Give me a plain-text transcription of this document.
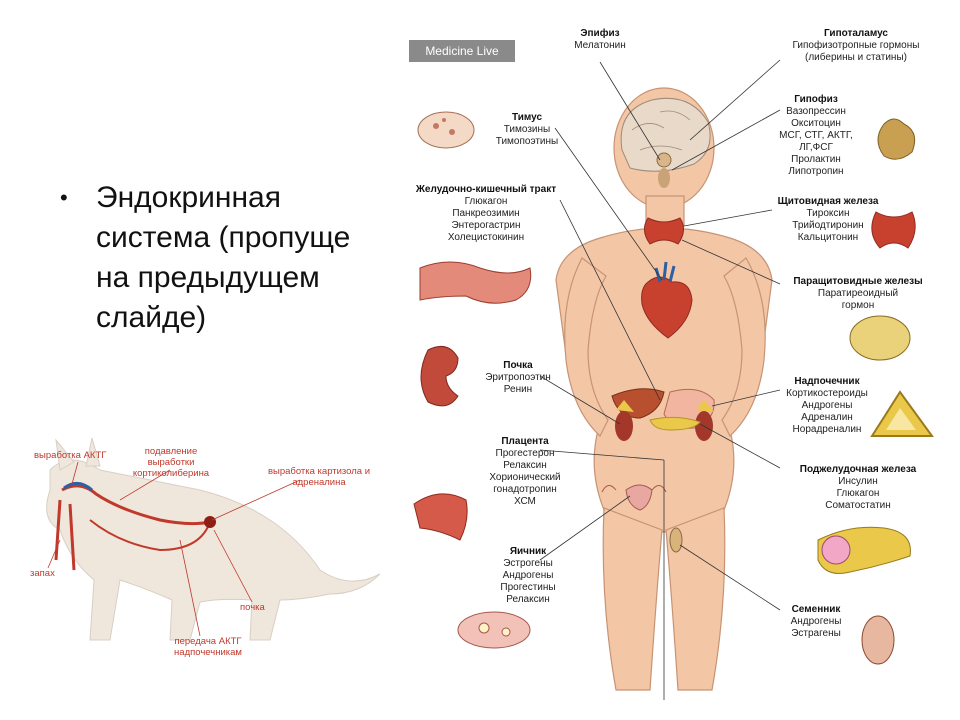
• Эндокринная
система (пропуще
на предыдущем
слайде)
Medicine Live
Эпифиз
Мелатонин
Гипоталамус
Гипофизотропные гормоны
(либерины и статины)
Тимус
Тимозины
Тимопоэтины
Гипофиз
Вазопрессин
Окситоцин
МСГ, СТГ, АКТГ,
ЛГ,ФСГ
Пролактин
Липотропин
Желудочно-кишечный тракт
Глюкагон
Панкреозимин
Энтерогастрин
Холецистокинин
Щитовидная железа
Тироксин
Трийодтиронин
Кальцитонин
Паращитовидные железы
Паратиреоидный
гормон
Почка
Эритропоэтин
Ренин
Надпочечник
Кортикостероиды
Андрогены
Адреналин
Норадреналин
Плацента
Прогестерон
Релаксин
Хорионический
гонадотропин
ХСМ
Поджелудочная железа
Инсулин
Глюкагон
Соматостатин
Яичник
Эстрогены
Андрогены
Прогестины
Релаксин
Семенник
Андрогены
Эстрагены
выработка АКТГ	подавление
выработки
кортиколиберина	выработка картизола и
адреналина
запах
почка
передача АКТГ
надпочечникам
